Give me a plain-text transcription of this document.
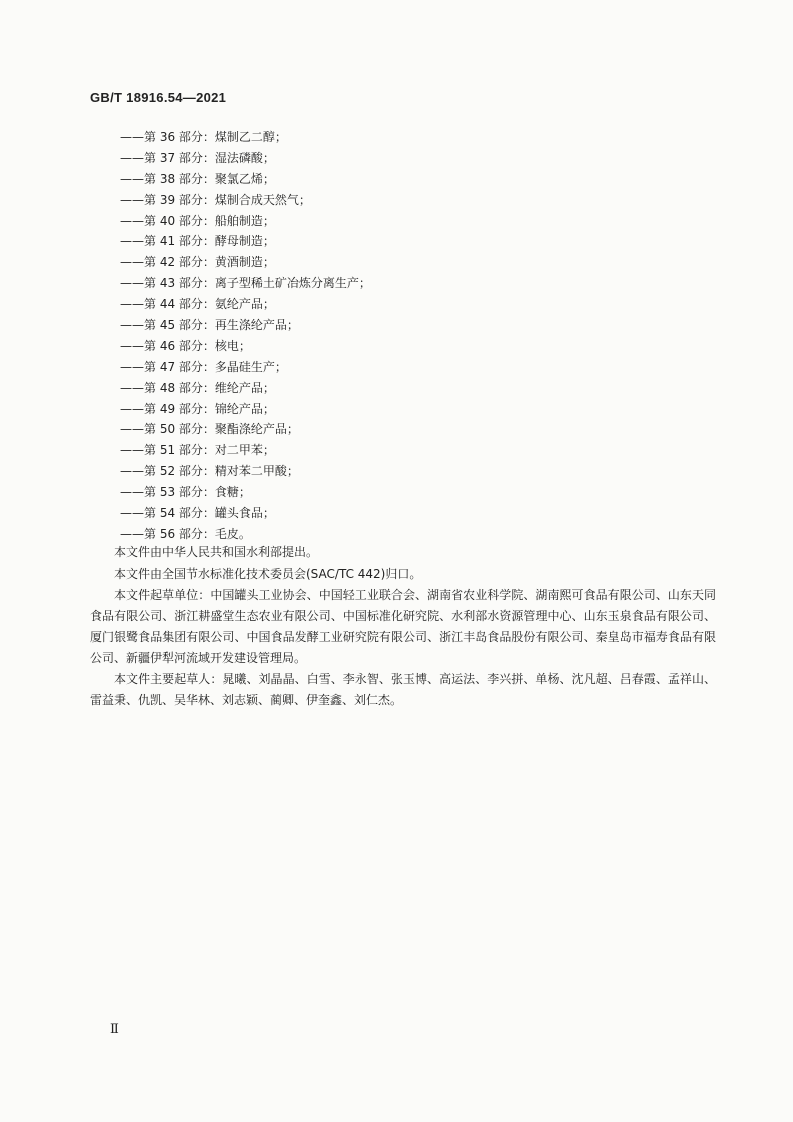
GB/T 18916.54—2021
——第 36 部分：煤制乙二醇；
——第 37 部分：湿法磷酸；
——第 38 部分：聚氯乙烯；
——第 39 部分：煤制合成天然气；
——第 40 部分：船舶制造；
——第 41 部分：酵母制造；
——第 42 部分：黄酒制造；
——第 43 部分：离子型稀土矿冶炼分离生产；
——第 44 部分：氨纶产品；
——第 45 部分：再生涤纶产品；
——第 46 部分：核电；
——第 47 部分：多晶硅生产；
——第 48 部分：维纶产品；
——第 49 部分：锦纶产品；
——第 50 部分：聚酯涤纶产品；
——第 51 部分：对二甲苯；
——第 52 部分：精对苯二甲酸；
——第 53 部分：食糖；
——第 54 部分：罐头食品；
——第 56 部分：毛皮。

本文件由中华人民共和国水利部提出。

本文件由全国节水标准化技术委员会(SAC/TC 442)归口。

本文件起草单位：中国罐头工业协会、中国轻工业联合会、湖南省农业科学院、湖南熙可食品有限公司、山东天同食品有限公司、浙江耕盛堂生态农业有限公司、中国标准化研究院、水利部水资源管理中心、山东玉泉食品有限公司、厦门银鹭食品集团有限公司、中国食品发酵工业研究院有限公司、浙江丰岛食品股份有限公司、秦皇岛市福寿食品有限公司、新疆伊犁河流域开发建设管理局。

本文件主要起草人：晁曦、刘晶晶、白雪、李永智、张玉博、高运法、李兴拼、单杨、沈凡超、吕春霞、孟祥山、雷益秉、仇凯、吴华林、刘志颖、蔺卿、伊奎鑫、刘仁杰。

Ⅱ
